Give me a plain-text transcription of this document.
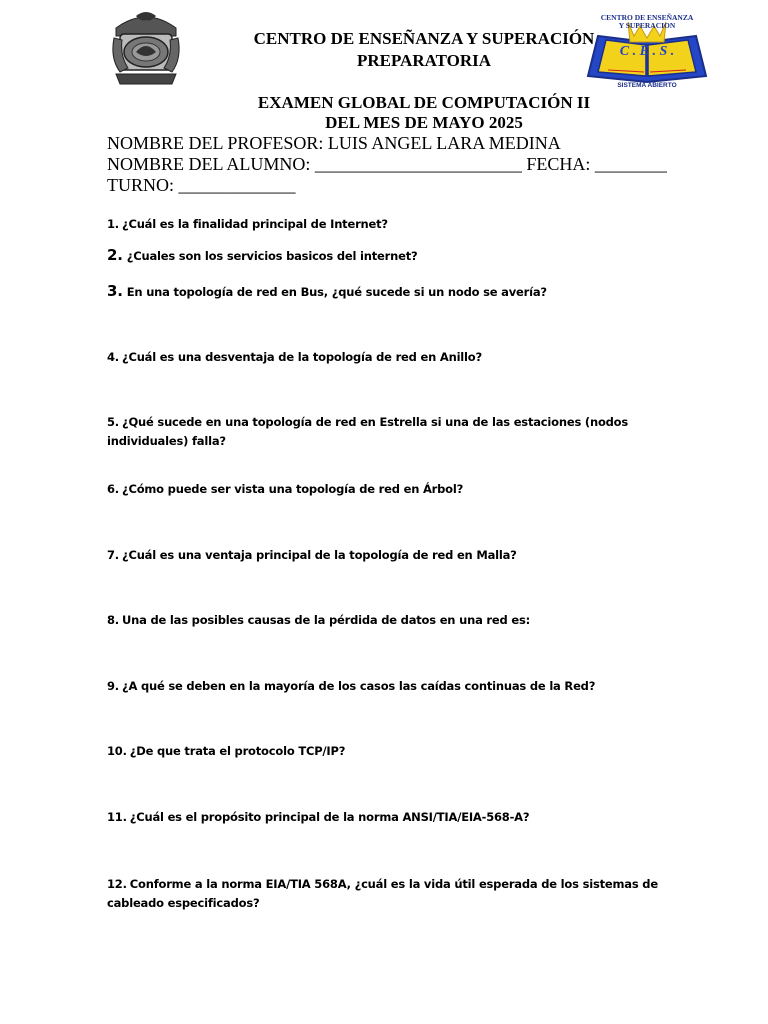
CENTRO DE ENSEÑANZA
Y SUPERACION
C . E . S .
SISTEMA ABIERTO
CENTRO DE ENSEÑANZA Y SUPERACIÓN
PREPARATORIA
EXAMEN GLOBAL DE COMPUTACIÓN II
DEL MES DE MAYO 2025
NOMBRE DEL PROFESOR: LUIS ANGEL LARA MEDINA
NOMBRE DEL ALUMNO: _______________________ FECHA: ________
TURNO: _____________
1. ¿Cuál es la finalidad principal de Internet?
2. ¿Cuales son los servicios basicos del internet?
3. En una topología de red en Bus, ¿qué sucede si un nodo se avería?
4. ¿Cuál es una desventaja de la topología de red en Anillo?
5. ¿Qué sucede en una topología de red en Estrella si una de las estaciones (nodos individuales) falla?
6. ¿Cómo puede ser vista una topología de red en Árbol?
7. ¿Cuál es una ventaja principal de la topología de red en Malla?
8. Una de las posibles causas de la pérdida de datos en una red es:
9. ¿A qué se deben en la mayoría de los casos las caídas continuas de la Red?
10. ¿De que trata el protocolo TCP/IP?
11. ¿Cuál es el propósito principal de la norma ANSI/TIA/EIA-568-A?
12. Conforme a la norma EIA/TIA 568A, ¿cuál es la vida útil esperada de los sistemas de cableado especificados?
